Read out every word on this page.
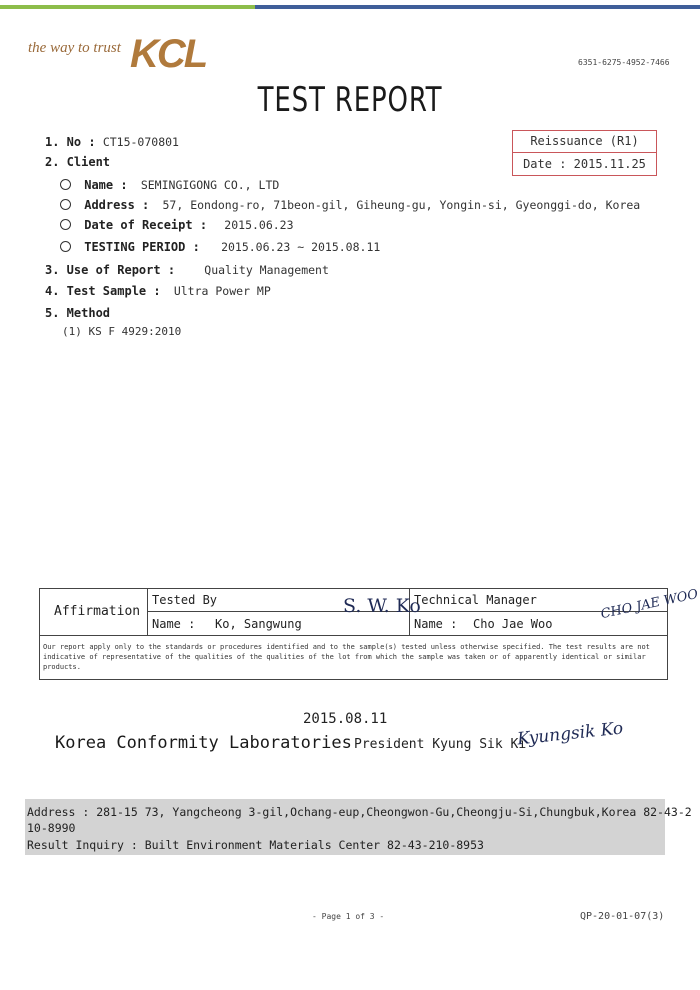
the way to trust KCL	6351-6275-4952-7466
TEST REPORT
Reissuance (R1)
Date : 2015.11.25
1. No : CT15-070801
2. Client
Name : SEMINGIGONG CO., LTD
Address : 57, Eondong-ro, 71beon-gil, Giheung-gu, Yongin-si, Gyeonggi-do, Korea
Date of Receipt : 2015.06.23
TESTING PERIOD : 2015.06.23 ~ 2015.08.11
3. Use of Report :	Quality Management
4. Test Sample : Ultra Power MP
5. Method
(1) KS F 4929:2010
Affirmation
Tested By
Name : Ko, Sangwung
S. W. Ko
Technical Manager
Name : Cho Jae Woo
CHO JAE WOO
Our report apply only to the standards or procedures identified and to the sample(s) tested unless otherwise specified. The test results are not indicative of representative of the qualities of the qualities of the lot from which the sample was taken or of apparently identical or similar products.
2015.08.11
Korea Conformity Laboratories President Kyung Sik Ki
Kyungsik Ko
Address : 281-15 73, Yangcheong 3-gil,Ochang-eup,Cheongwon-Gu,Cheongju-Si,Chungbuk,Korea 82-43-2
10-8990
Result Inquiry : Built Environment Materials Center 82-43-210-8953
- Page 1 of 3 -	QP-20-01-07(3)
